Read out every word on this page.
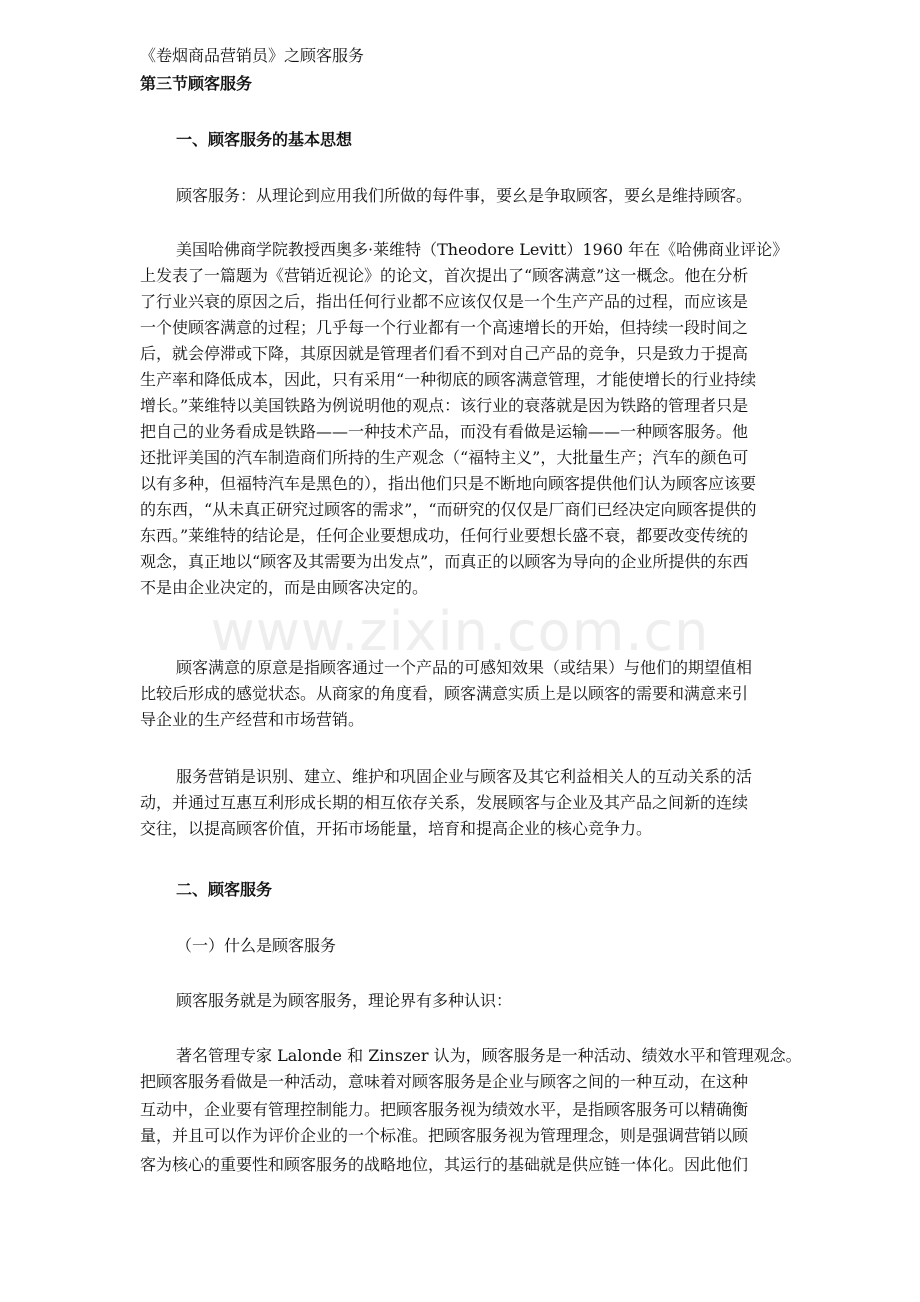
《卷烟商品营销员》之顾客服务
第三节顾客服务
一、顾客服务的基本思想
顾客服务：从理论到应用我们所做的每件事，要幺是争取顾客，要幺是维持顾客。
美国哈佛商学院教授西奥多·莱维特（Theodore Levitt）1960 年在《哈佛商业评论》
上发表了一篇题为《营销近视论》的论文，首次提出了“顾客满意”这一概念。他在分析
了行业兴衰的原因之后，指出任何行业都不应该仅仅是一个生产产品的过程，而应该是
一个使顾客满意的过程；几乎每一个行业都有一个高速增长的开始，但持续一段时间之
后，就会停滞或下降，其原因就是管理者们看不到对自己产品的竞争，只是致力于提高
生产率和降低成本，因此，只有采用“一种彻底的顾客满意管理，才能使增长的行业持续
增长。”莱维特以美国铁路为例说明他的观点：该行业的衰落就是因为铁路的管理者只是
把自己的业务看成是铁路——一种技术产品，而没有看做是运输——一种顾客服务。他
还批评美国的汽车制造商们所持的生产观念（“福特主义”，大批量生产；汽车的颜色可
以有多种，但福特汽车是黑色的），指出他们只是不断地向顾客提供他们认为顾客应该要
的东西，“从未真正研究过顾客的需求”，“而研究的仅仅是厂商们已经决定向顾客提供的
东西。”莱维特的结论是，任何企业要想成功，任何行业要想长盛不衰，都要改变传统的
观念，真正地以“顾客及其需要为出发点”，而真正的以顾客为导向的企业所提供的东西
不是由企业决定的，而是由顾客决定的。
顾客满意的原意是指顾客通过一个产品的可感知效果（或结果）与他们的期望值相
比较后形成的感觉状态。从商家的角度看，顾客满意实质上是以顾客的需要和满意来引
导企业的生产经营和市场营销。
服务营销是识别、建立、维护和巩固企业与顾客及其它利益相关人的互动关系的活
动，并通过互惠互利形成长期的相互依存关系，发展顾客与企业及其产品之间新的连续
交往，以提高顾客价值，开拓市场能量，培育和提高企业的核心竞争力。
二、顾客服务
（一）什么是顾客服务
顾客服务就是为顾客服务，理论界有多种认识：
著名管理专家 Lalonde 和 Zinszer 认为，顾客服务是一种活动、绩效水平和管理观念。
把顾客服务看做是一种活动，意味着对顾客服务是企业与顾客之间的一种互动，在这种
互动中，企业要有管理控制能力。把顾客服务视为绩效水平，是指顾客服务可以精确衡
量，并且可以作为评价企业的一个标准。把顾客服务视为管理理念，则是强调营销以顾
客为核心的重要性和顾客服务的战略地位，其运行的基础就是供应链一体化。因此他们
www.zixin.com.cn
